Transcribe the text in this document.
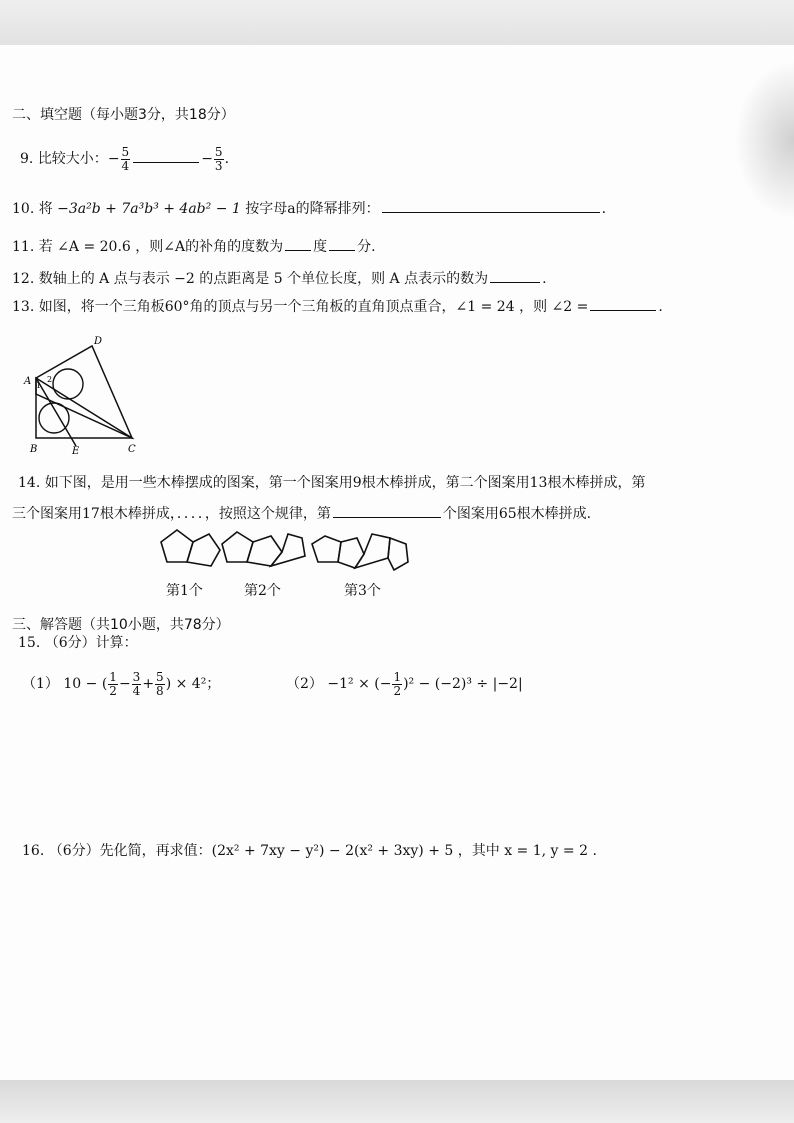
二、填空题（每小题3分，共18分）
9. 比较大小：− $\frac{5}{4}$	− $\frac{5}{3}$ .
10. 将 −3a²b + 7a³b³ + 4ab² − 1 按字母a的降幂排列：	.
11. 若 ∠A = 20.6 ，则∠A的补角的度数为 度 分.
12. 数轴上的 A 点与表示 −2 的点距离是 5 个单位长度，则 A 点表示的数为	.
13. 如图，将一个三角板60°角的顶点与另一个三角板的直角顶点重合，∠1 = 24 ，则 ∠2 =	.
A
D
B	E	C
1
2
14. 如下图，是用一些木棒摆成的图案，第一个图案用9根木棒拼成，第二个图案用13根木棒拼成，第
三个图案用17根木棒拼成，．．．．，按照这个规律，第	个图案用65根木棒拼成.
第1个	第2个	第3个
三、解答题（共10小题，共78分）
15. （6分）计算：
（1） 10 − ( $\frac{1}{2} - \frac{3}{4} + \frac{5}{8}$ ) × 4²；	（2） −1² × (− $\frac{1}{2} )^2 - (-2)^3 \div |-2|$
16. （6分）先化简，再求值：(2x² + 7xy − y²) − 2(x² + 3xy) + 5 ，其中 x = 1, y = 2 .
